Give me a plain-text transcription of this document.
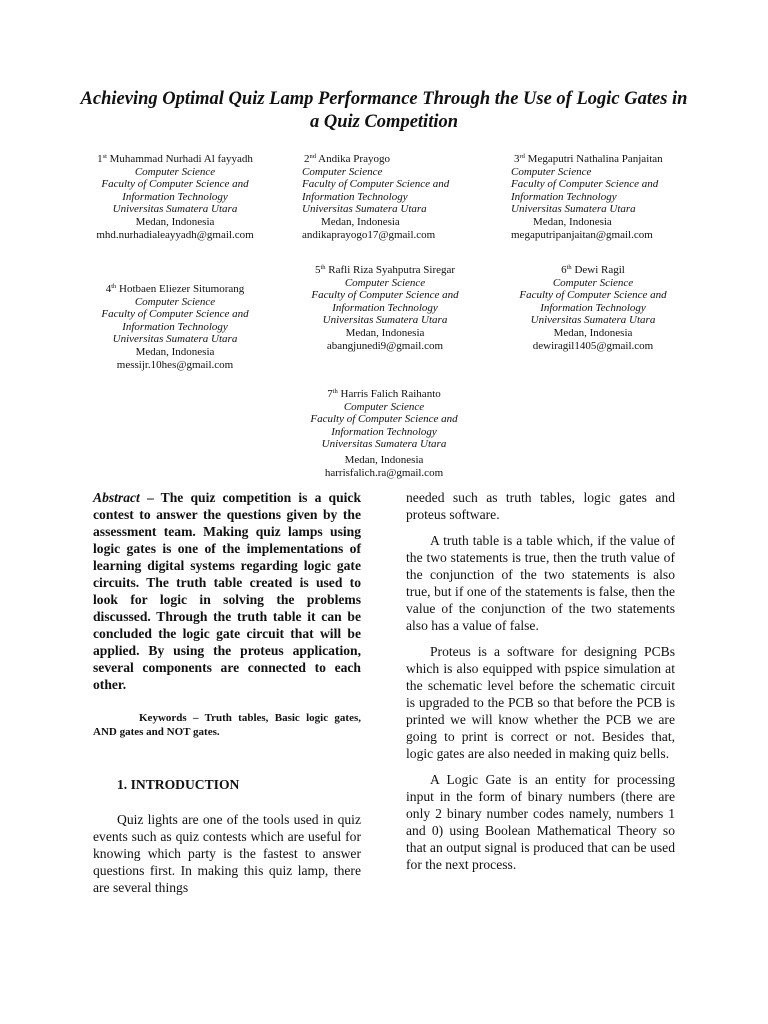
Achieving Optimal Quiz Lamp Performance Through the Use of Logic Gates in a Quiz Competition
1st Muhammad Nurhadi Al fayyadh
Computer Science
Faculty of Computer Science and Information Technology
Universitas Sumatera Utara
Medan, Indonesia
mhd.nurhadialeayyadh@gmail.com
2nd Andika Prayogo
Computer Science
Faculty of Computer Science and Information Technology
Universitas Sumatera Utara
Medan, Indonesia
andikaprayogo17@gmail.com
3rd Megaputri Nathalina Panjaitan
Computer Science
Faculty of Computer Science and Information Technology
Universitas Sumatera Utara
Medan, Indonesia
megaputripanjaitan@gmail.com
4th Hotbaen Eliezer Situmorang
Computer Science
Faculty of Computer Science and Information Technology
Universitas Sumatera Utara
Medan, Indonesia
messijr.10hes@gmail.com
5th Rafli Riza Syahputra Siregar
Computer Science
Faculty of Computer Science and Information Technology
Universitas Sumatera Utara
Medan, Indonesia
abangjunedi9@gmail.com
6th Dewi Ragil
Computer Science
Faculty of Computer Science and Information Technology
Universitas Sumatera Utara
Medan, Indonesia
dewiragil1405@gmail.com
7th Harris Falich Raihanto
Computer Science
Faculty of Computer Science and Information Technology
Universitas Sumatera Utara
Medan, Indonesia
harrisfalich.ra@gmail.com

Abstract – The quiz competition is a quick contest to answer the questions given by the assessment team. Making quiz lamps using logic gates is one of the implementations of learning digital systems regarding logic gate circuits. The truth table created is used to look for logic in solving the problems discussed. Through the truth table it can be concluded the logic gate circuit that will be applied. By using the proteus application, several components are connected to each other.

Keywords – Truth tables, Basic logic gates, AND gates and NOT gates.

1. INTRODUCTION

Quiz lights are one of the tools used in quiz events such as quiz contests which are useful for knowing which party is the fastest to answer questions first. In making this quiz lamp, there are several things

needed such as truth tables, logic gates and proteus software.

A truth table is a table which, if the value of the two statements is true, then the truth value of the conjunction of the two statements is also true, but if one of the statements is false, then the value of the conjunction of the two statements also has a value of false.

Proteus is a software for designing PCBs which is also equipped with pspice simulation at the schematic level before the schematic circuit is upgraded to the PCB so that before the PCB is printed we will know whether the PCB we are going to print is correct or not. Besides that, logic gates are also needed in making quiz bells.

A Logic Gate is an entity for processing input in the form of binary numbers (there are only 2 binary number codes namely, numbers 1 and 0) using Boolean Mathematical Theory so that an output signal is produced that can be used for the next process.
